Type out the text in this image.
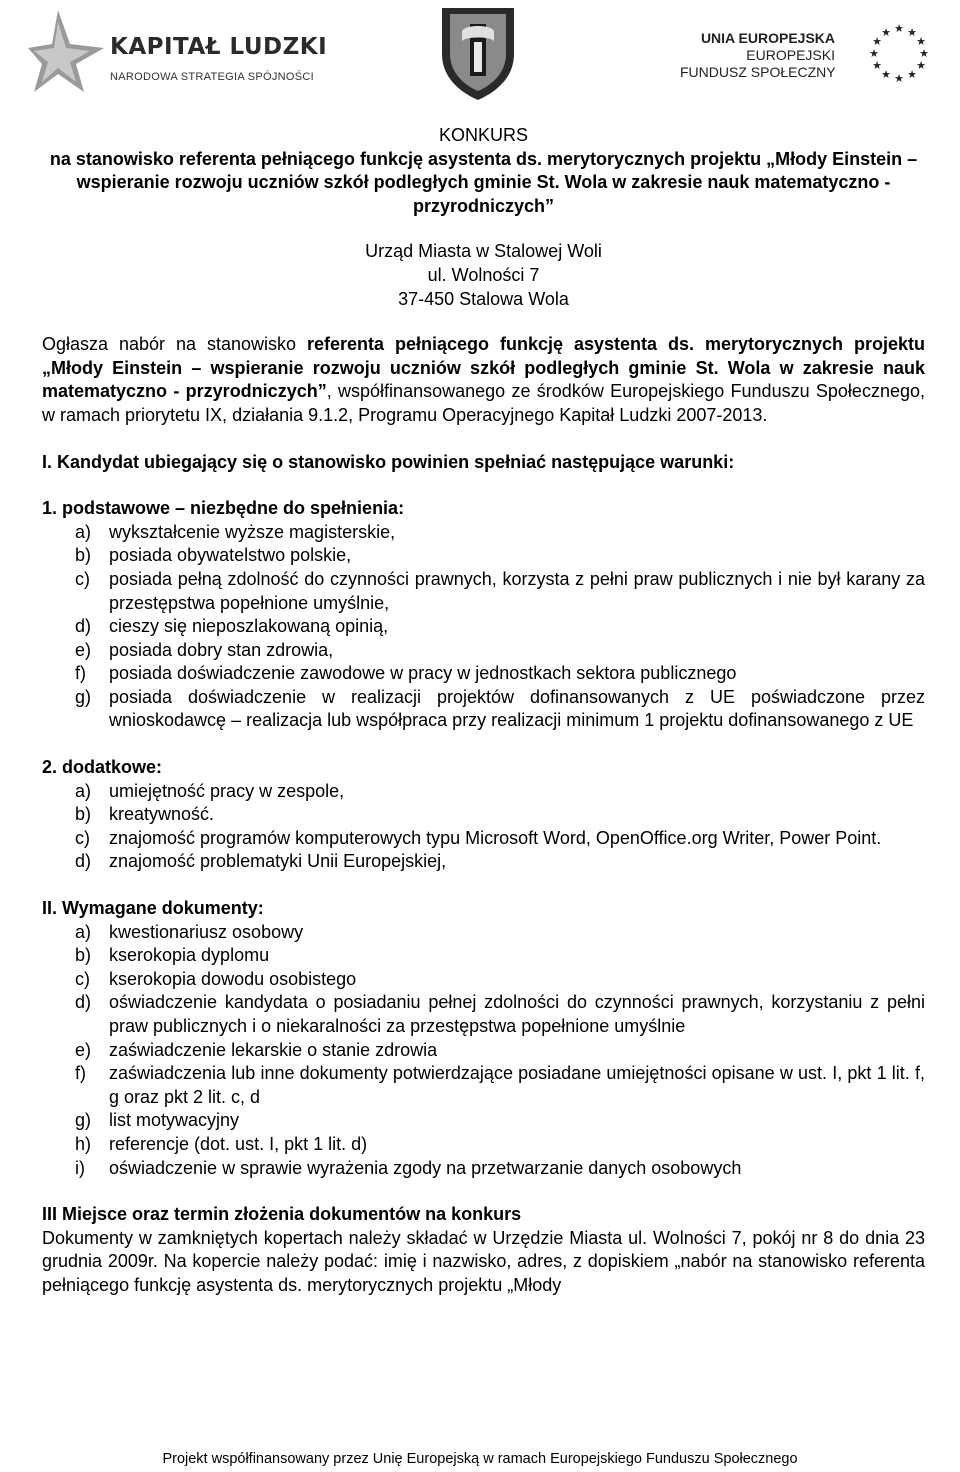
KAPITAŁ LUDZKI
NARODOWA STRATEGIA SPÓJNOŚCI
UNIA EUROPEJSKA
EUROPEJSKI
FUNDUSZ SPOŁECZNY
★ ★
★
★
★
★
★
★
★
★
★
★

KONKURS

na stanowisko referenta pełniącego funkcję asystenta ds. merytorycznych projektu „Młody Einstein – wspieranie rozwoju uczniów szkół podległych gminie St. Wola w zakresie nauk matematyczno - przyrodniczych”

Urząd Miasta w Stalowej Woli

ul. Wolności 7

37-450 Stalowa Wola

Ogłasza nabór na stanowisko referenta pełniącego funkcję asystenta ds. merytorycznych projektu „Młody Einstein – wspieranie rozwoju uczniów szkół podległych gminie St. Wola w zakresie nauk matematyczno - przyrodniczych”, współfinansowanego ze środków Europejskiego Funduszu Społecznego, w ramach priorytetu IX, działania 9.1.2, Programu Operacyjnego Kapitał Ludzki 2007-2013.

I. Kandydat ubiegający się o stanowisko powinien spełniać następujące warunki:

1. podstawowe – niezbędne do spełnienia:

a) wykształcenie wyższe magisterskie,
b) posiada obywatelstwo polskie,
c) posiada pełną zdolność do czynności prawnych, korzysta z pełni praw publicznych i nie był karany za przestępstwa popełnione umyślnie,
d) cieszy się nieposzlakowaną opinią,
e) posiada dobry stan zdrowia,
f) posiada doświadczenie zawodowe w pracy w jednostkach sektora publicznego
g) posiada doświadczenie w realizacji projektów dofinansowanych z UE poświadczone przez wnioskodawcę – realizacja lub współpraca przy realizacji minimum 1 projektu dofinansowanego z UE

2. dodatkowe:

a) umiejętność pracy w zespole,
b) kreatywność.
c) znajomość programów komputerowych typu Microsoft Word, OpenOffice.org Writer, Power Point.
d) znajomość problematyki Unii Europejskiej,

II. Wymagane dokumenty:

a) kwestionariusz osobowy
b) kserokopia dyplomu
c) kserokopia dowodu osobistego
d) oświadczenie kandydata o posiadaniu pełnej zdolności do czynności prawnych, korzystaniu z pełni praw publicznych i o niekaralności za przestępstwa popełnione umyślnie
e) zaświadczenie lekarskie o stanie zdrowia
f) zaświadczenia lub inne dokumenty potwierdzające posiadane umiejętności opisane w ust. I, pkt 1 lit. f, g oraz pkt 2 lit. c, d
g) list motywacyjny
h) referencje (dot. ust. I, pkt 1 lit. d)
i) oświadczenie w sprawie wyrażenia zgody na przetwarzanie danych osobowych

III Miejsce oraz termin złożenia dokumentów na konkurs

Dokumenty w zamkniętych kopertach należy składać w Urzędzie Miasta ul. Wolności 7, pokój nr 8 do dnia 23 grudnia 2009r. Na kopercie należy podać: imię i nazwisko, adres, z dopiskiem „nabór na stanowisko referenta pełniącego funkcję asystenta ds. merytorycznych projektu „Młody

Projekt współfinansowany przez Unię Europejską w ramach Europejskiego Funduszu Społecznego
